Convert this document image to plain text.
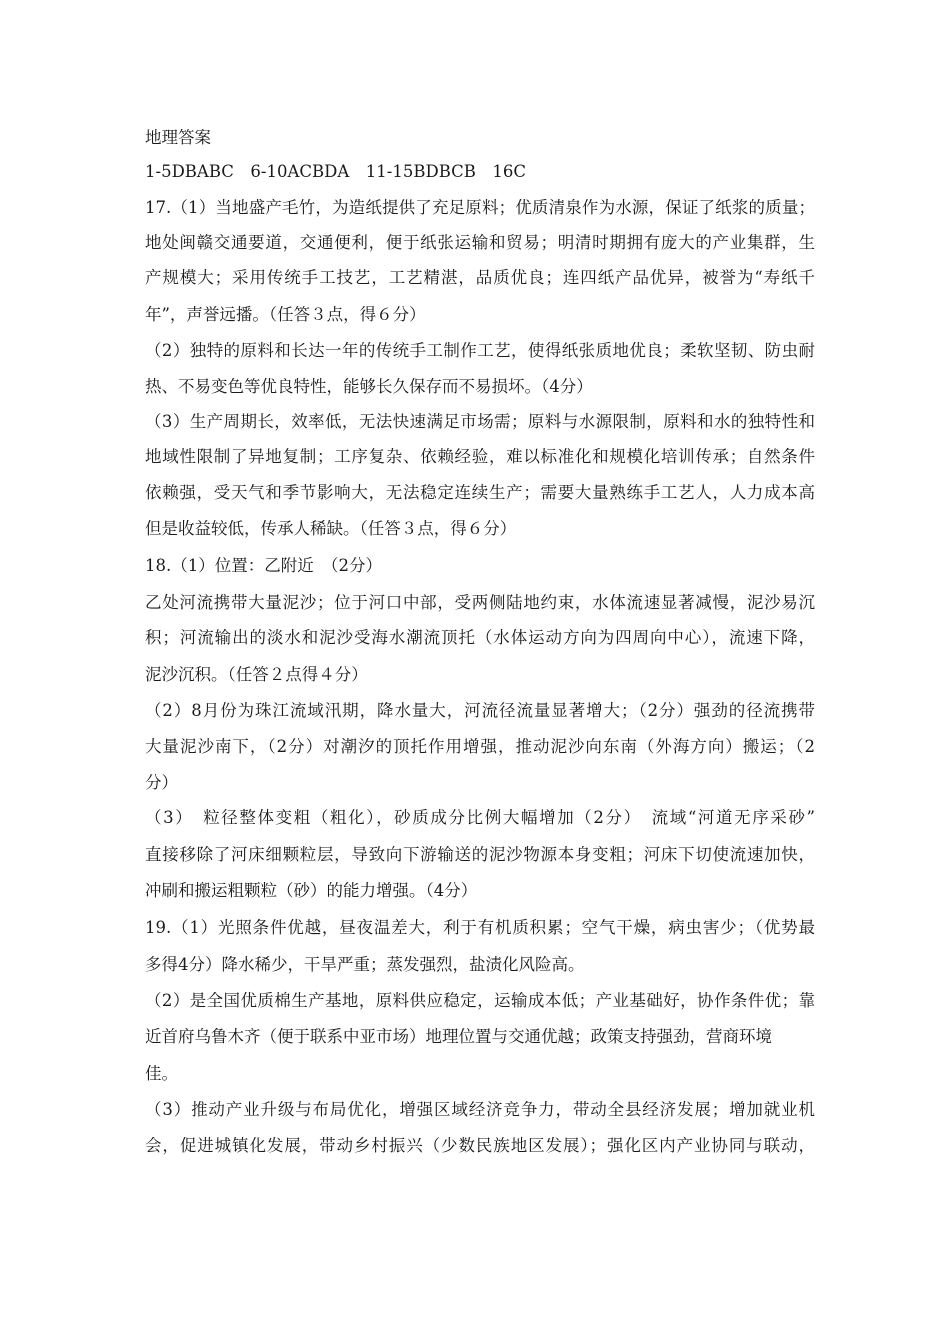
地理答案
1-5DBABC　6-10ACBDA　11-15BDBCB　16C
17.（1）当地盛产毛竹，为造纸提供了充足原料；优质清泉作为水源，保证了纸浆的质量；
地处闽赣交通要道，交通便利，便于纸张运输和贸易；明清时期拥有庞大的产业集群，生
产规模大；采用传统手工技艺，工艺精湛，品质优良；连四纸产品优异，被誉为“寿纸千
年”，声誉远播。（任答３点，得６分）
（2）独特的原料和长达一年的传统手工制作工艺，使得纸张质地优良；柔软坚韧、防虫耐
热、不易变色等优良特性，能够长久保存而不易损坏。（4分）
（3）生产周期长，效率低，无法快速满足市场需；原料与水源限制，原料和水的独特性和
地域性限制了异地复制；工序复杂、依赖经验，难以标准化和规模化培训传承；自然条件
依赖强，受天气和季节影响大，无法稳定连续生产；需要大量熟练手工艺人，人力成本高
但是收益较低，传承人稀缺。（任答３点，得６分）
18.（1）位置：乙附近　（2分）
乙处河流携带大量泥沙；位于河口中部，受两侧陆地约束，水体流速显著减慢，泥沙易沉
积；河流输出的淡水和泥沙受海水潮流顶托（水体运动方向为四周向中心），流速下降，
泥沙沉积。（任答２点得４分）
（2）8月份为珠江流域汛期，降水量大，河流径流量显著增大；（2分）强劲的径流携带
大量泥沙南下，（2分）对潮汐的顶托作用增强，推动泥沙向东南（外海方向）搬运；（2
分）
（3）　粒径整体变粗（粗化），砂质成分比例大幅增加（2分）　流域“河道无序采砂”
直接移除了河床细颗粒层，导致向下游输送的泥沙物源本身变粗；河床下切使流速加快，
冲刷和搬运粗颗粒（砂）的能力增强。（4分）
19.（1）光照条件优越，昼夜温差大，利于有机质积累；空气干燥，病虫害少；（优势最
多得4分）降水稀少，干旱严重；蒸发强烈，盐渍化风险高。
（2）是全国优质棉生产基地，原料供应稳定，运输成本低；产业基础好，协作条件优；靠
近首府乌鲁木齐（便于联系中亚市场）地理位置与交通优越；政策支持强劲，营商环境
佳。
（3）推动产业升级与布局优化，增强区域经济竞争力，带动全县经济发展；增加就业机
会，促进城镇化发展，带动乡村振兴（少数民族地区发展）；强化区内产业协同与联动，
